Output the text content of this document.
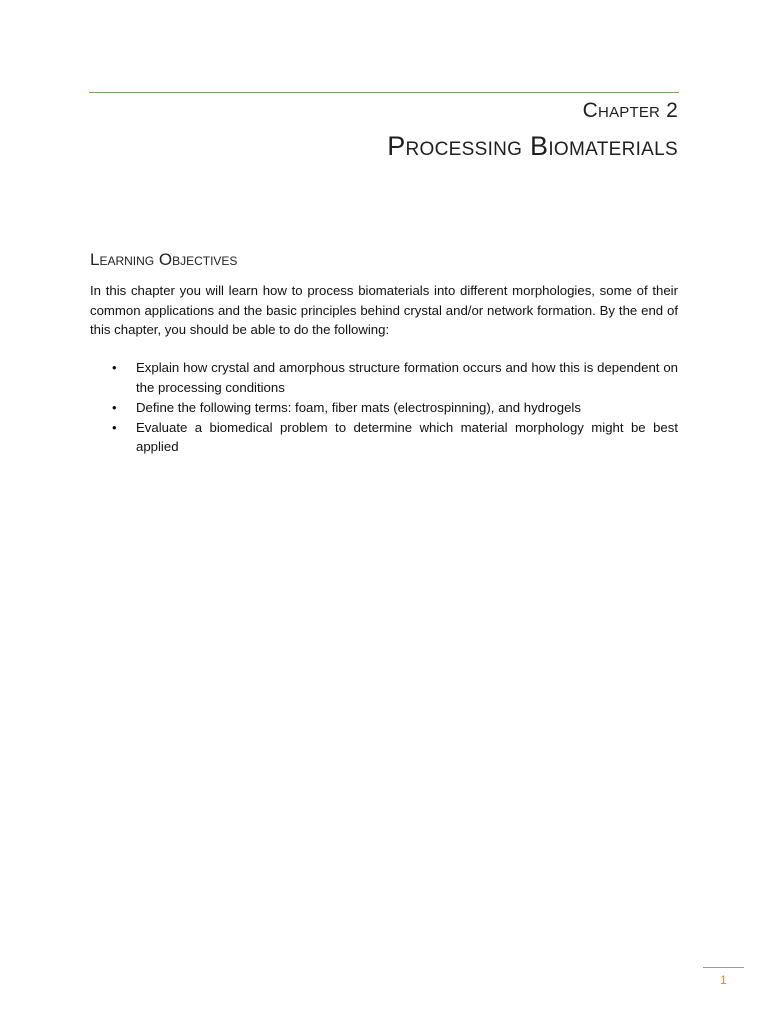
Chapter 2
Processing Biomaterials
Learning Objectives

In this chapter you will learn how to process biomaterials into different morphologies, some of their common applications and the basic principles behind crystal and/or network formation. By the end of this chapter, you should be able to do the following:

• Explain how crystal and amorphous structure formation occurs and how this is dependent on the processing conditions
• Define the following terms: foam, fiber mats (electrospinning), and hydrogels
• Evaluate a biomedical problem to determine which material morphology might be best applied
1
